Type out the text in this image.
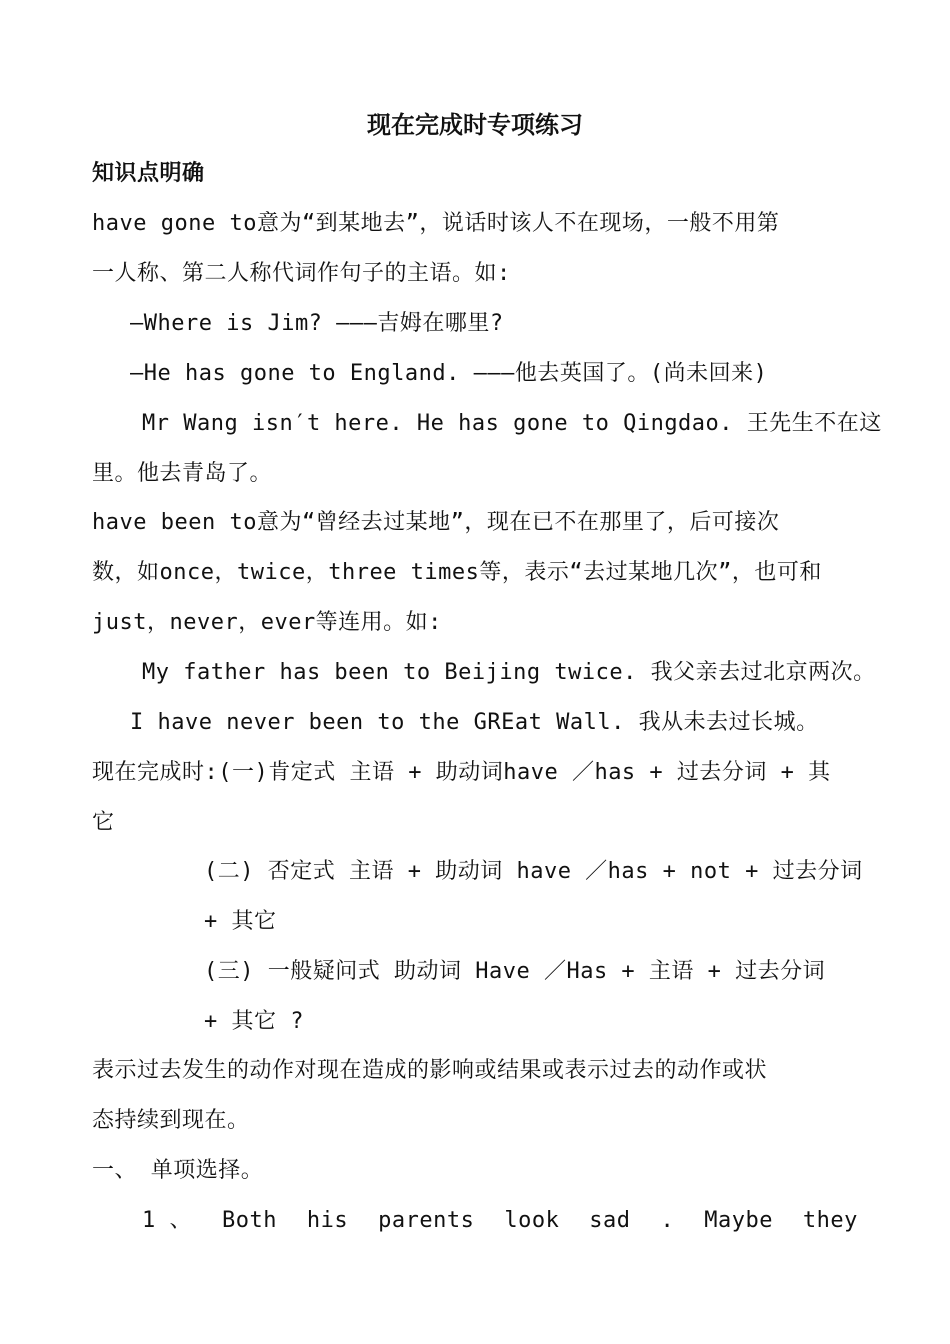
现在完成时专项练习
知识点明确
have gone to意为“到某地去”，说话时该人不在现场，一般不用第
一人称、第二人称代词作句子的主语。如:
—Where is Jim? ———吉姆在哪里?
—He has gone to England. ———他去英国了。(尚未回来)
Mr Wang isn′t here. He has gone to Qingdao. 王先生不在这
里。他去青岛了。
have been to意为“曾经去过某地”，现在已不在那里了，后可接次
数，如once，twice，three times等，表示“去过某地几次”，也可和
just，never，ever等连用。如:
My father has been to Beijing twice. 我父亲去过北京两次。
I have never been to the GREat Wall. 我从未去过长城。
现在完成时:(一)肯定式 主语 + 助动词have ／has + 过去分词 + 其
它
(二) 否定式 主语 + 助动词 have ／has + not + 过去分词
+ 其它
(三) 一般疑问式 助动词 Have ／Has + 主语 + 过去分词
+ 其它 ?
表示过去发生的动作对现在造成的影响或结果或表示过去的动作或状
态持续到现在。
一、 单项选择。
1 、 Both his parents look sad . Maybe they
